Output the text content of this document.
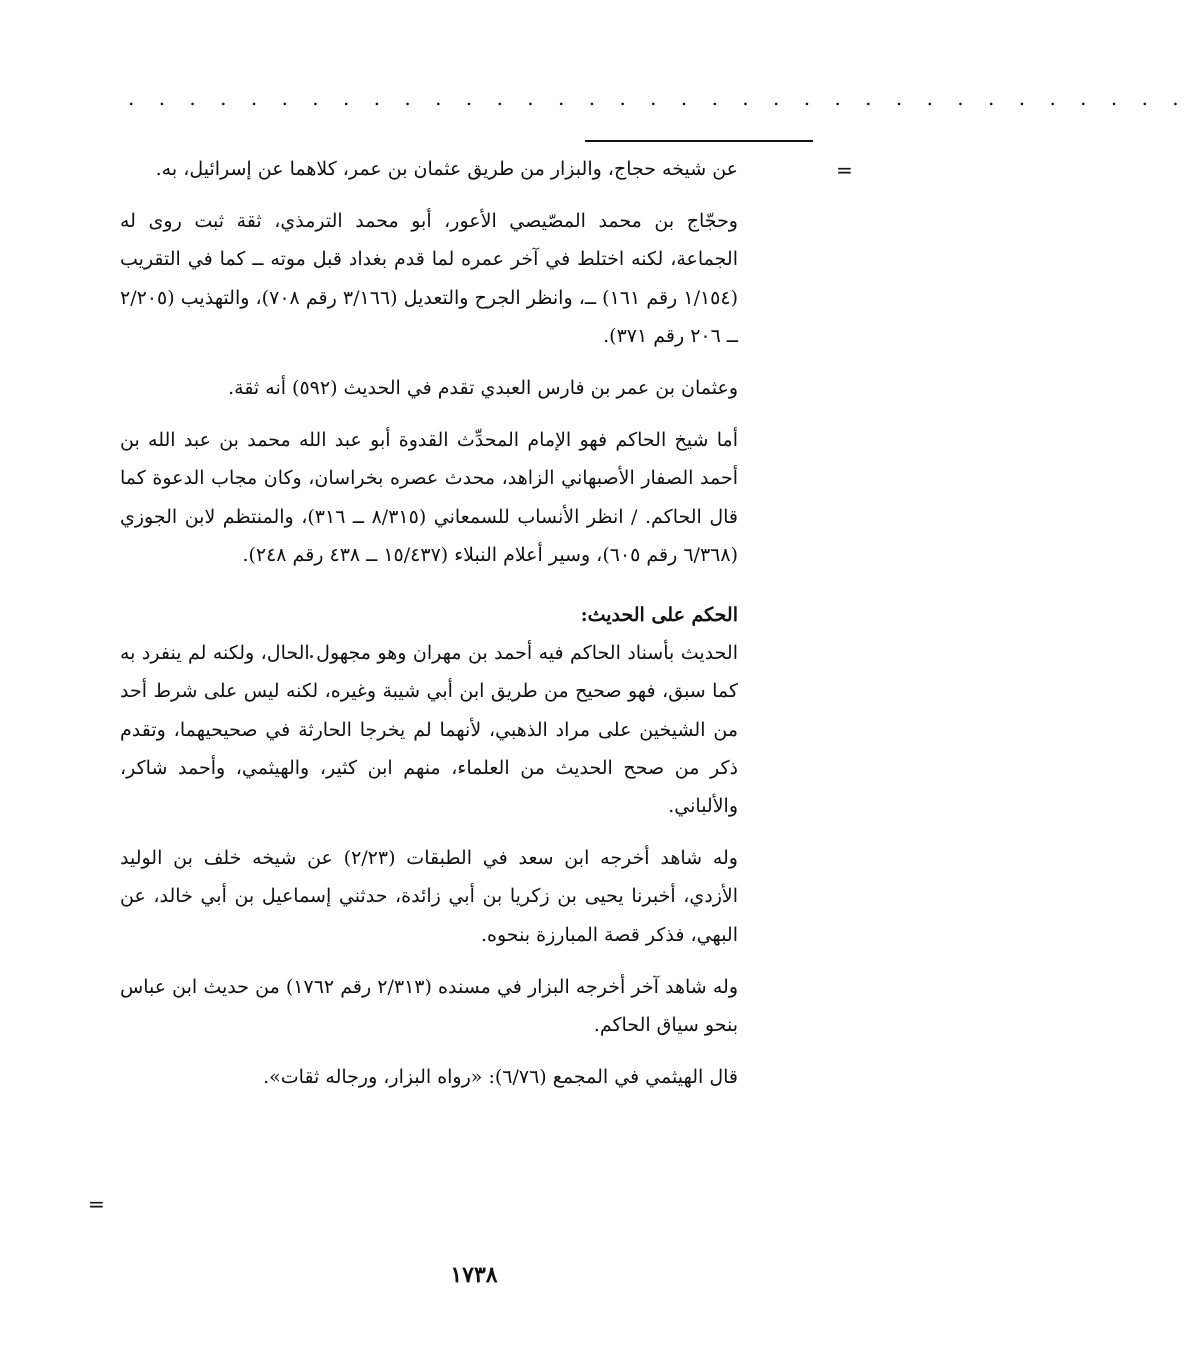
. . . . . . . . . . . . . . . . . . . . . . . . . . . . . . . . . . .
=
=

عن شيخه حجاج، والبزار من طريق عثمان بن عمر، كلاهما عن إسرائيل، به.

وحجّاج بن محمد المصّيصي الأعور، أبو محمد الترمذي، ثقة ثبت روى له الجماعة، لكنه اختلط في آخر عمره لما قدم بغداد قبل موته ــ كما في التقريب (١/١٥٤ رقم ١٦١) ــ، وانظر الجرح والتعديل (٣/١٦٦ رقم ٧٠٨)، والتهذيب (٢/٢٠٥ ــ ٢٠٦ رقم ٣٧١).

وعثمان بن عمر بن فارس العبدي تقدم في الحديث (٥٩٢) أنه ثقة.

أما شيخ الحاكم فهو الإمام المحدِّث القدوة أبو عبد الله محمد بن عبد الله بن أحمد الصفار الأصبهاني الزاهد، محدث عصره بخراسان، وكان مجاب الدعوة كما قال الحاكم. / انظر الأنساب للسمعاني (٨/٣١٥ ــ ٣١٦)، والمنتظم لابن الجوزي (٦/٣٦٨ رقم ٦٠٥)، وسير أعلام النبلاء (١٥/٤٣٧ ــ ٤٣٨ رقم ٢٤٨).

الحكم على الحديث:

الحديث بأسناد الحاكم فيه أحمد بن مهران وهو مجهول الحال، ولكنه لم ينفرد به كما سبق، فهو صحيح من طريق ابن أبي شيبة وغيره، لكنه ليس على شرط أحد من الشيخين على مراد الذهبي، لأنهما لم يخرجا الحارثة في صحيحيهما، وتقدم ذكر من صحح الحديث من العلماء، منهم ابن كثير، والهيثمي، وأحمد شاكر، والألباني.

وله شاهد أخرجه ابن سعد في الطبقات (٢/٢٣) عن شيخه خلف بن الوليد الأزدي، أخبرنا يحيى بن زكريا بن أبي زائدة، حدثني إسماعيل بن أبي خالد، عن البهي، فذكر قصة المبارزة بنحوه.

وله شاهد آخر أخرجه البزار في مسنده (٢/٣١٣ رقم ١٧٦٢) من حديث ابن عباس بنحو سياق الحاكم.

قال الهيثمي في المجمع (٦/٧٦): «رواه البزار، ورجاله ثقات».

١٧٣٨
